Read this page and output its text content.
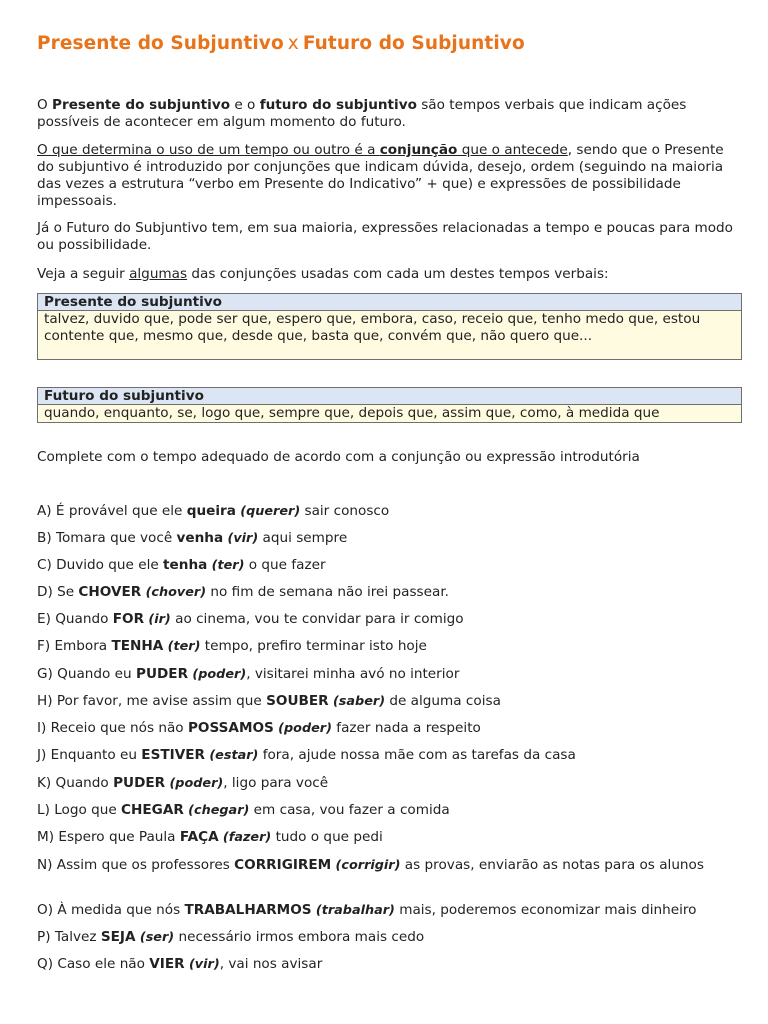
Presente do Subjuntivo x Futuro do Subjuntivo

O Presente do subjuntivo e o futuro do subjuntivo são tempos verbais que indicam ações possíveis de acontecer em algum momento do futuro.

O que determina o uso de um tempo ou outro é a conjunção que o antecede, sendo que o Presente do subjuntivo é introduzido por conjunções que indicam dúvida, desejo, ordem (seguindo na maioria das vezes a estrutura “verbo em Presente do Indicativo” + que) e expressões de possibilidade impessoais.

Já o Futuro do Subjuntivo tem, em sua maioria, expressões relacionadas a tempo e poucas para modo ou possibilidade.

Veja a seguir algumas das conjunções usadas com cada um destes tempos verbais:

Presente do subjuntivo
talvez, duvido que, pode ser que, espero que, embora, caso, receio que, tenho medo que, estou contente que, mesmo que, desde que, basta que, convém que, não quero que...
Futuro do subjuntivo
quando, enquanto, se, logo que, sempre que, depois que, assim que, como, à medida que

Complete com o tempo adequado de acordo com a conjunção ou expressão introdutória

A) É provável que ele queira (querer) sair conosco
B) Tomara que você venha (vir) aqui sempre
C) Duvido que ele tenha (ter) o que fazer
D) Se CHOVER (chover) no fim de semana não irei passear.
E) Quando FOR (ir) ao cinema, vou te convidar para ir comigo
F) Embora TENHA (ter) tempo, prefiro terminar isto hoje
G) Quando eu PUDER (poder), visitarei minha avó no interior
H) Por favor, me avise assim que SOUBER (saber) de alguma coisa
I) Receio que nós não POSSAMOS (poder) fazer nada a respeito
J) Enquanto eu ESTIVER (estar) fora, ajude nossa mãe com as tarefas da casa
K) Quando PUDER (poder), ligo para você
L) Logo que CHEGAR (chegar) em casa, vou fazer a comida
M) Espero que Paula FAÇA (fazer) tudo o que pedi
N) Assim que os professores CORRIGIREM (corrigir) as provas, enviarão as notas para os alunos
O) À medida que nós TRABALHARMOS (trabalhar) mais, poderemos economizar mais dinheiro
P) Talvez SEJA (ser) necessário irmos embora mais cedo
Q) Caso ele não VIER (vir), vai nos avisar
